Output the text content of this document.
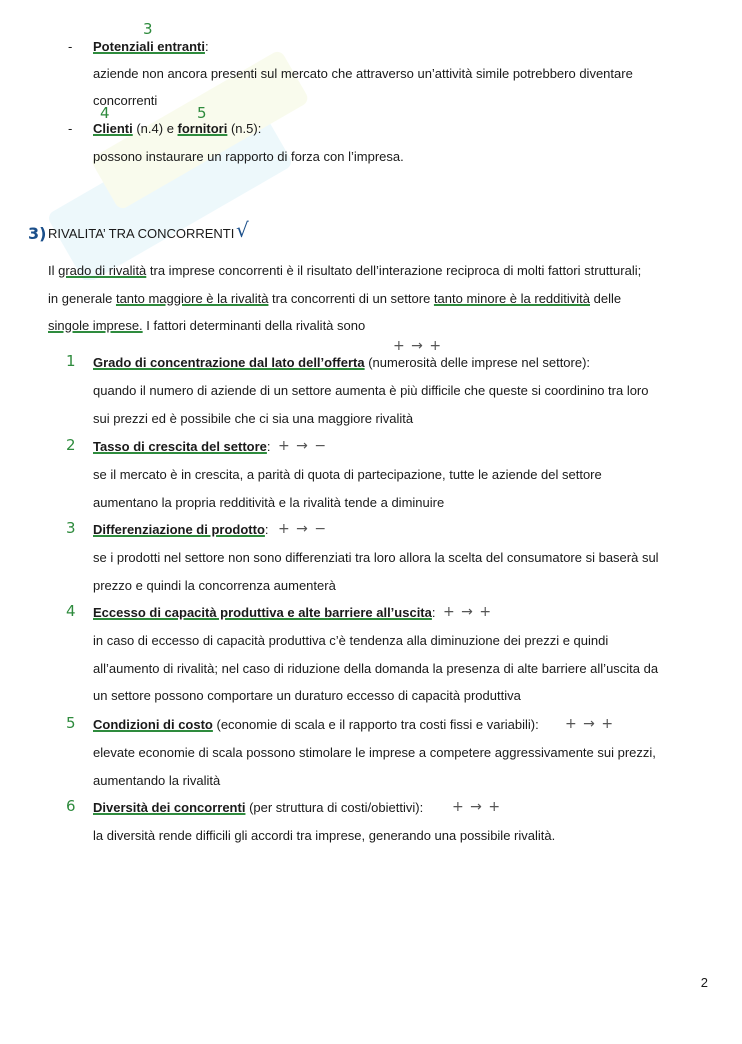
-
3
Potenziali entranti:
aziende non ancora presenti sul mercato che attraverso un’attività simile potrebbero diventare
concorrenti
-
4	5
Clienti (n.4) e fornitori (n.5):
possono instaurare un rapporto di forza con l’impresa.
3) RIVALITA’ TRA CONCORRENTI √
Il grado di rivalità tra imprese concorrenti è il risultato dell’interazione reciproca di molti fattori strutturali;
in generale tanto maggiore è la rivalità tra concorrenti di un settore tanto minore è la redditività delle
singole imprese. I fattori determinanti della rivalità sono
1 Grado di concentrazione dal lato dell’offerta (numerosità delle imprese nel settore):
+ → +
quando il numero di aziende di un settore aumenta è più difficile che queste si coordinino tra loro
sui prezzi ed è possibile che ci sia una maggiore rivalità
2 Tasso di crescita del settore: + → −
se il mercato è in crescita, a parità di quota di partecipazione, tutte le aziende del settore
aumentano la propria redditività e la rivalità tende a diminuire
3 Differenziazione di prodotto: + → −
se i prodotti nel settore non sono differenziati tra loro allora la scelta del consumatore si baserà sul
prezzo e quindi la concorrenza aumenterà
4 Eccesso di capacità produttiva e alte barriere all’uscita: + → +
in caso di eccesso di capacità produttiva c’è tendenza alla diminuzione dei prezzi e quindi
all’aumento di rivalità; nel caso di riduzione della domanda la presenza di alte barriere all’uscita da
un settore possono comportare un duraturo eccesso di capacità produttiva
5 Condizioni di costo (economie di scala e il rapporto tra costi fissi e variabili): + → +
elevate economie di scala possono stimolare le imprese a competere aggressivamente sui prezzi,
aumentando la rivalità
6 Diversità dei concorrenti (per struttura di costi/obiettivi): + → +
la diversità rende difficili gli accordi tra imprese, generando una possibile rivalità.
2
